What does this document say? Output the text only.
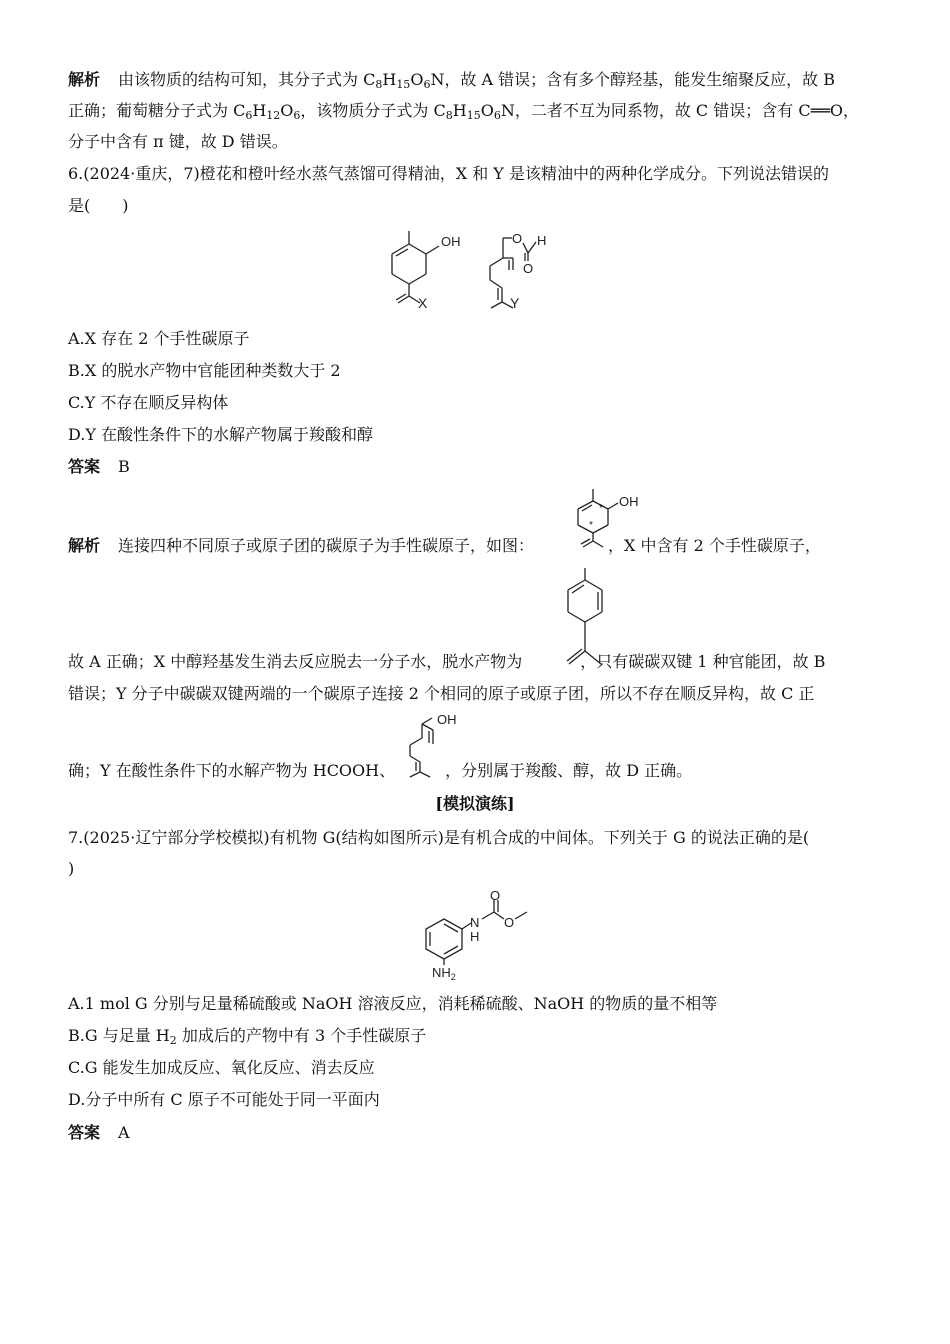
解析 由该物质的结构可知，其分子式为 $C_8H_{15}O_6N$，故 A 错误；含有多个醇羟基，能发生缩聚反应，故 B
正确；葡萄糖分子式为 $C_6H_{12}O_6$，该物质分子式为 $C_8H_{15}O_6N$，二者不互为同系物，故 C 错误；含有 C══O，
分子中含有 π 键，故 D 错误。
6.(2024·重庆，7)橙花和橙叶经水蒸气蒸馏可得精油，X 和 Y 是该精油中的两种化学成分。下列说法错误的
是(　　)
OH
X
O
O
H
Y
A.X 存在 2 个手性碳原子
B.X 的脱水产物中官能团种类数大于 2
C.Y 不存在顺反异构体
D.Y 在酸性条件下的水解产物属于羧酸和醇
答案 B
OH
*
*
解析 连接四种不同原子或原子团的碳原子为手性碳原子，如图：	，X 中含有 2 个手性碳原子，
故 A 正确；X 中醇羟基发生消去反应脱去一分子水，脱水产物为	，只有碳碳双键 1 种官能团，故 B
错误；Y 分子中碳碳双键两端的一个碳原子连接 2 个相同的原子或原子团，所以不存在顺反异构，故 C 正
OH
确；Y 在酸性条件下的水解产物为 HCOOH、	，分别属于羧酸、醇，故 D 正确。
[模拟演练]
7.(2025·辽宁部分学校模拟)有机物 G(结构如图所示)是有机合成的中间体。下列关于 G 的说法正确的是(
)
N
H
O
O
$NH_2$
A.1 mol G 分别与足量稀硫酸或 NaOH 溶液反应，消耗稀硫酸、NaOH 的物质的量不相等
B.G 与足量 $H_2$ 加成后的产物中有 3 个手性碳原子
C.G 能发生加成反应、氧化反应、消去反应
D.分子中所有 C 原子不可能处于同一平面内
答案 A
